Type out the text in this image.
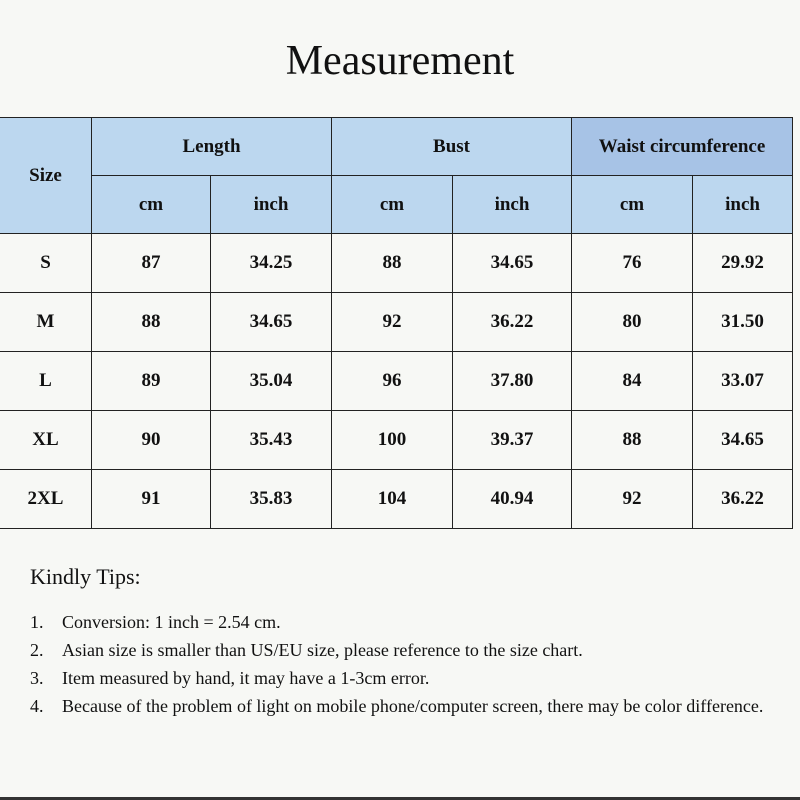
Measurement
Size	Length		Bust		Waist circumference	
	cm	inch	cm	inch	cm	inch
S	87	34.25	88	34.65	76	29.92
M	88	34.65	92	36.22	80	31.50
L	89	35.04	96	37.80	84	33.07
XL	90	35.43	100	39.37	88	34.65
2XL	91	35.83	104	40.94	92	36.22
Kindly Tips:
1. Conversion: 1 inch = 2.54 cm.
2. Asian size is smaller than US/EU size, please reference to the size chart.
3. Item measured by hand, it may have a 1-3cm error.
4. Because of the problem of light on mobile phone/computer screen, there may be color difference.
